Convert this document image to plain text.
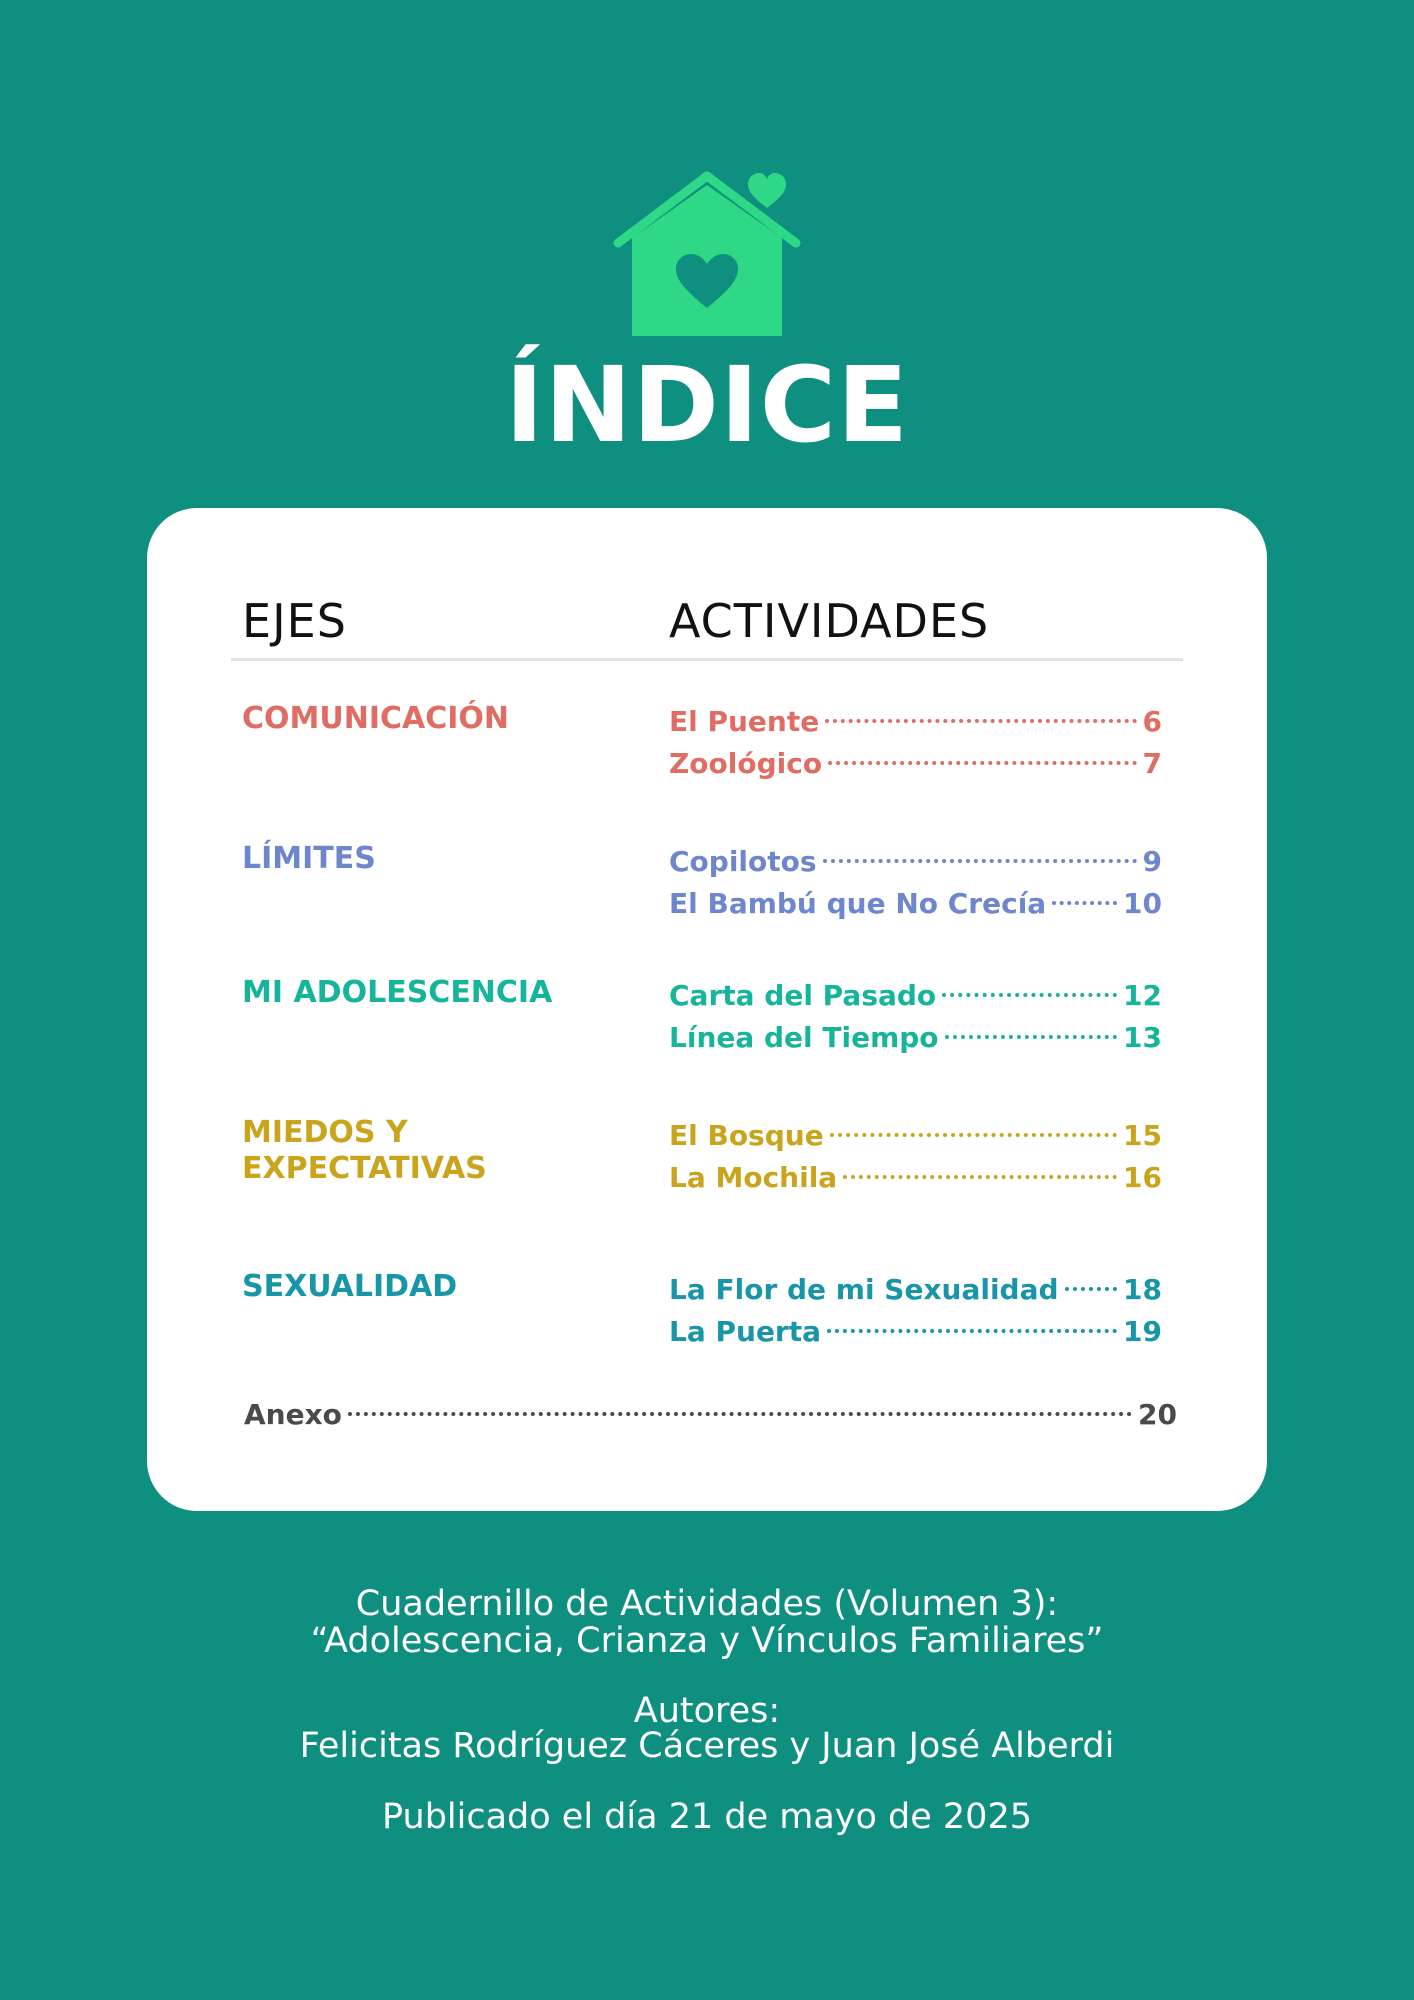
ÍNDICE
EJES	ACTIVIDADES
COMUNICACIÓN	El Puente	6
Zoológico	7
LÍMITES	Copilotos	9
El Bambú que No Crecía	10
MI ADOLESCENCIA	Carta del Pasado	12
Línea del Tiempo	13
MIEDOS Y
EXPECTATIVAS
El Bosque	15
La Mochila	16
SEXUALIDAD	La Flor de mi Sexualidad 18
La Puerta	19
Anexo	20
Cuadernillo de Actividades (Volumen 3):
“Adolescencia, Crianza y Vínculos Familiares”
Autores:
Felicitas Rodríguez Cáceres y Juan José Alberdi
Publicado el día 21 de mayo de 2025
